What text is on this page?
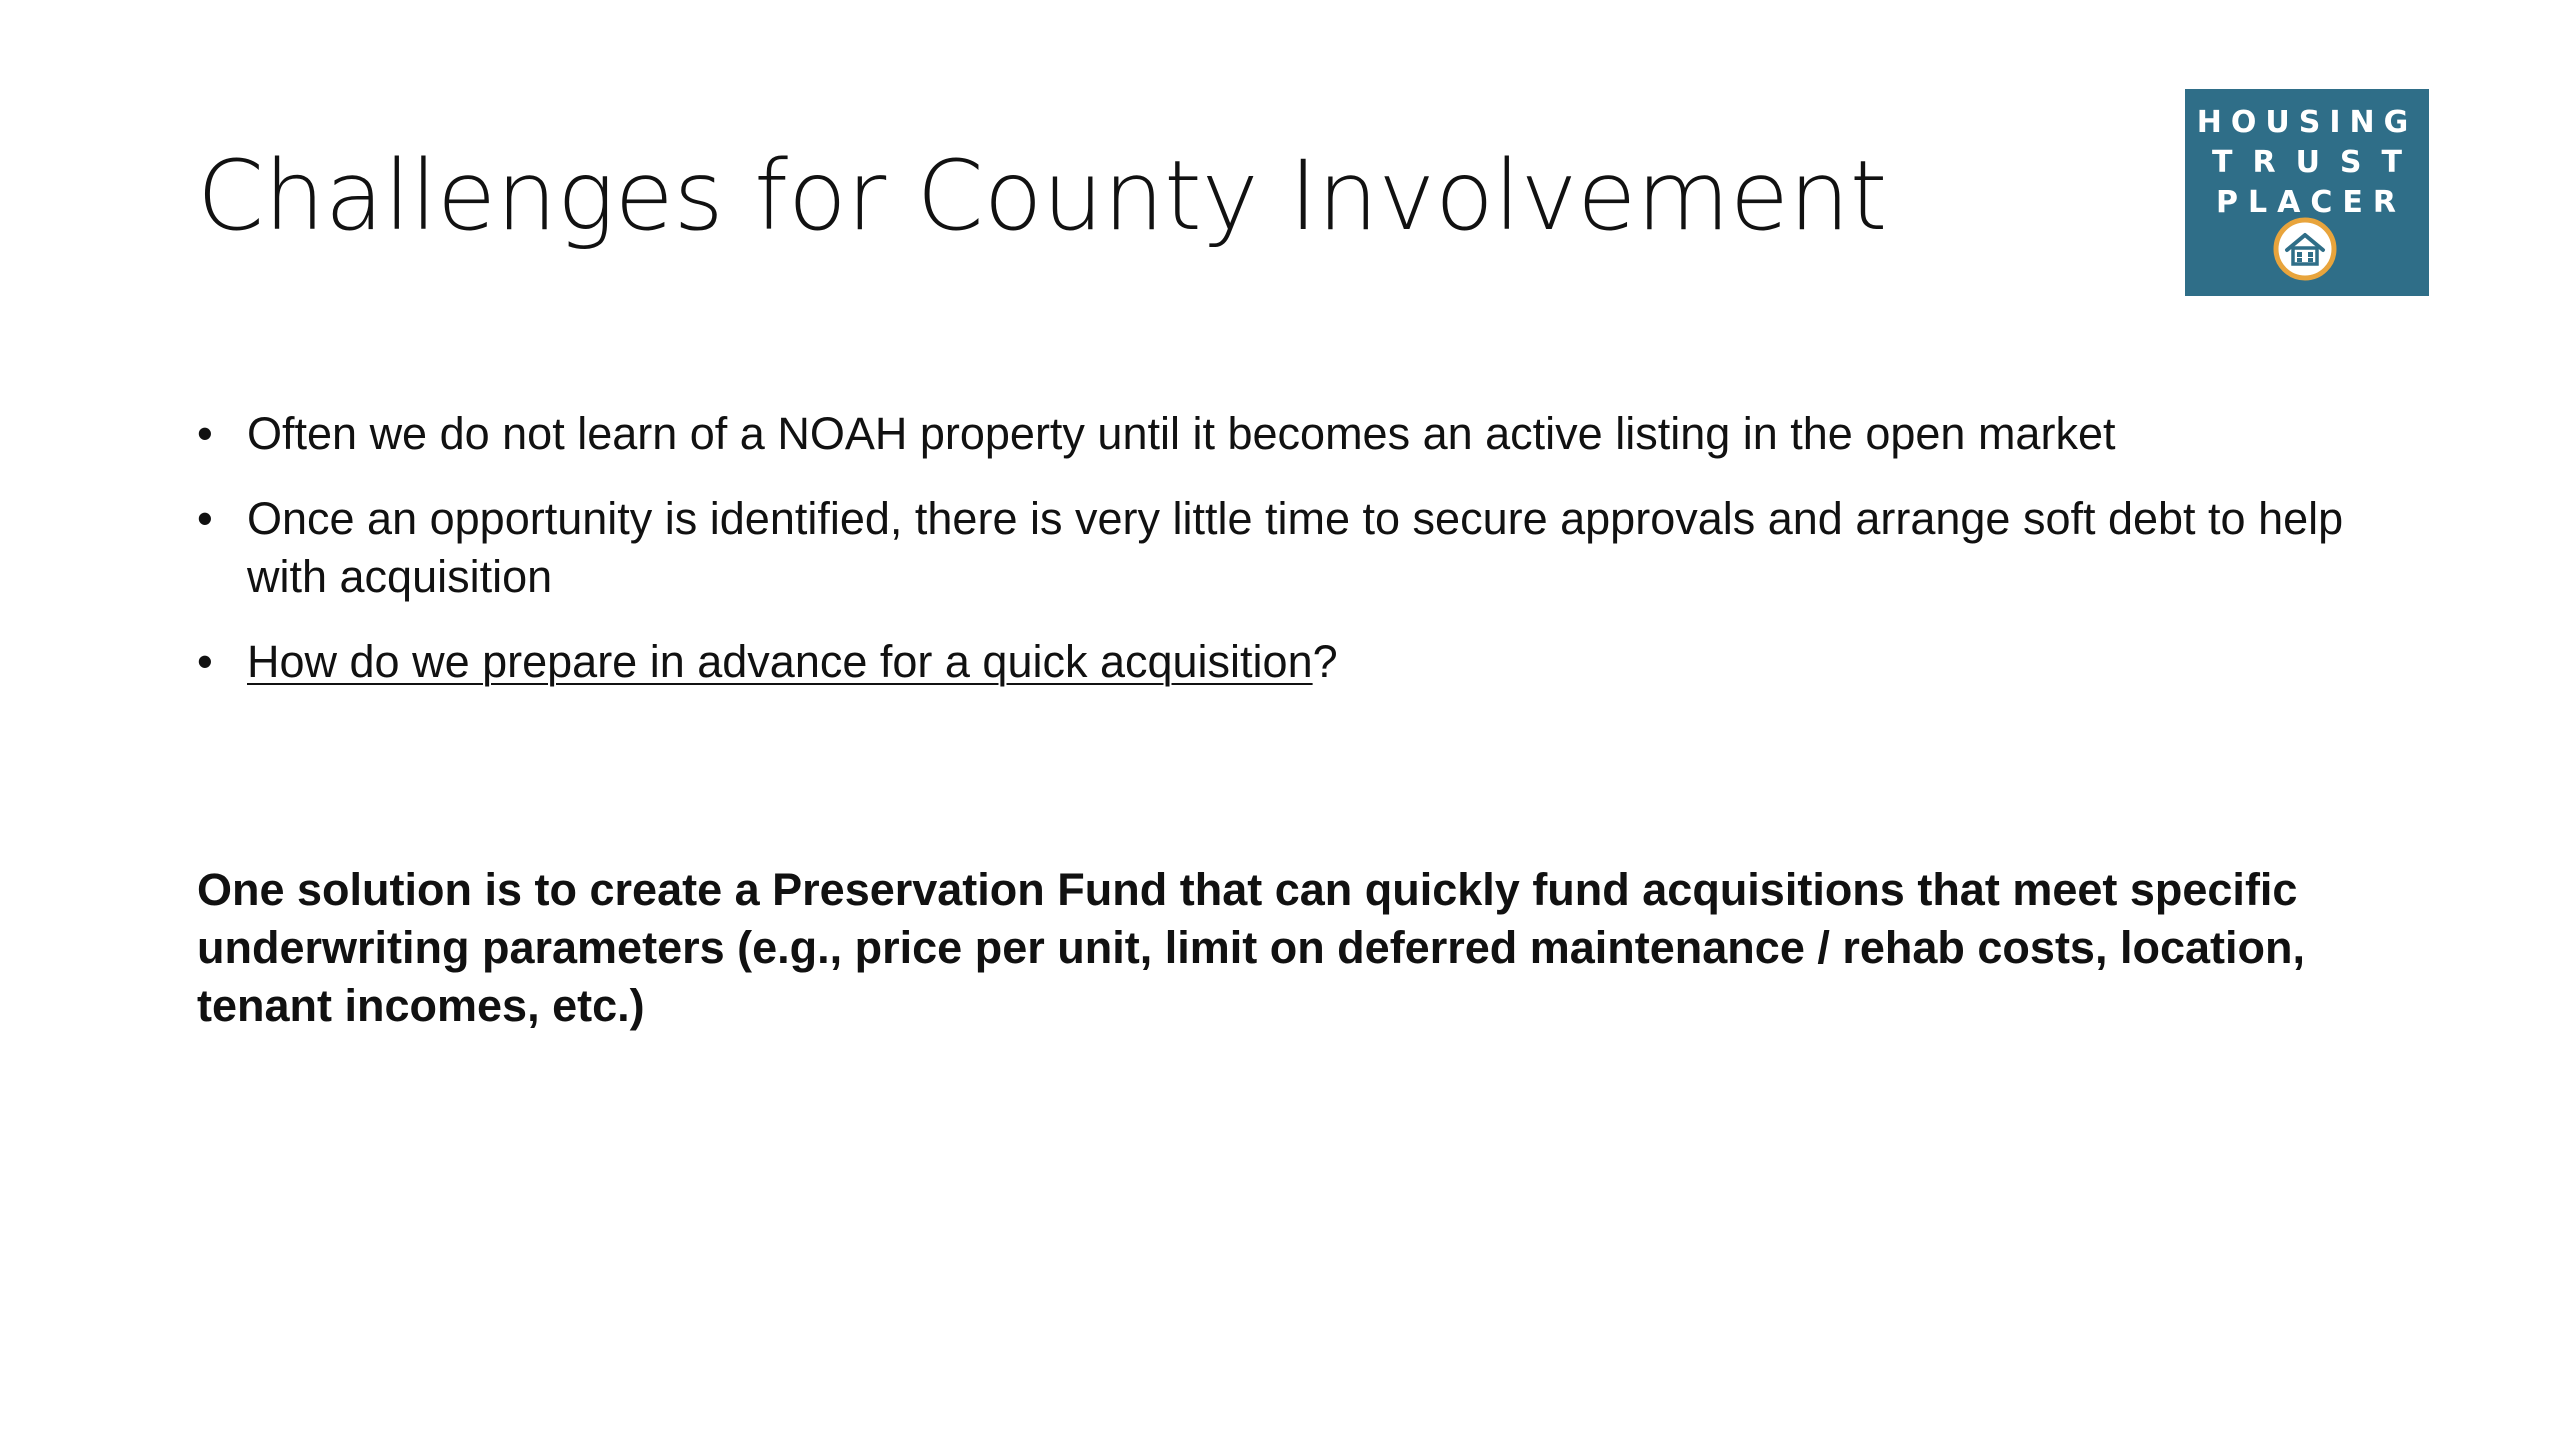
Challenges for County Involvement
HOUSING
TRUST
PLACER
• Often we do not learn of a NOAH property until it becomes an active listing in the open market
• Once an opportunity is identified, there is very little time to secure approvals and arrange soft debt to help with acquisition
• How do we prepare in advance for a quick acquisition?

One solution is to create a Preservation Fund that can quickly fund acquisitions that meet specific underwriting parameters (e.g., price per unit, limit on deferred maintenance / rehab costs, location, tenant incomes, etc.)
